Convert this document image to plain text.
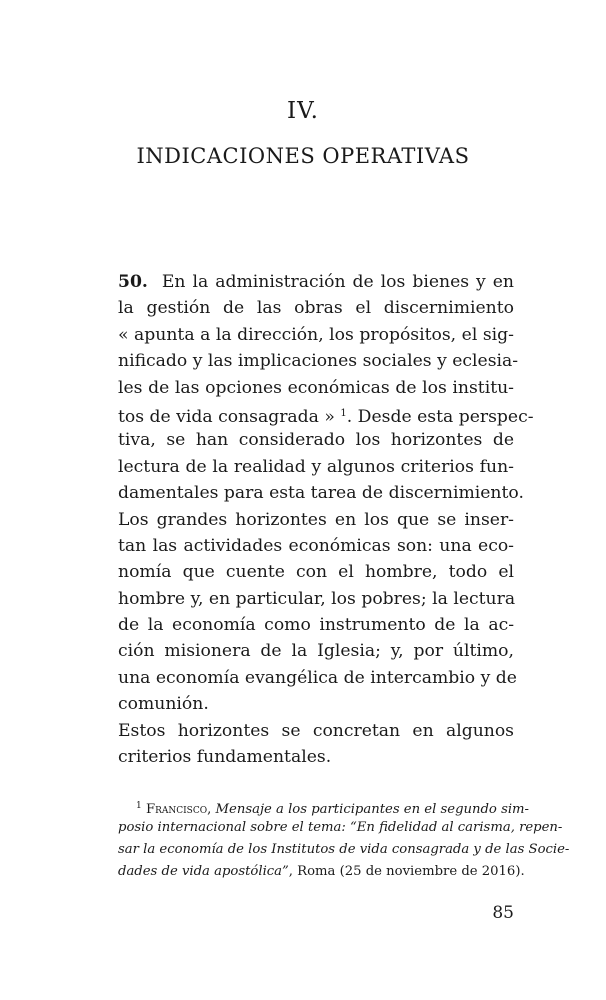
IV.
INDICACIONES OPERATIVAS
50. En la administración de los bienes y en
la gestión de las obras el discernimiento
« apunta a la dirección, los propósitos, el sig-
nificado y las implicaciones sociales y eclesia-
les de las opciones económicas de los institu-
tos de vida consagrada » $^1$. Desde esta perspec-
tiva, se han considerado los horizontes de
lectura de la realidad y algunos criterios fun-
damentales para esta tarea de discernimiento.
Los grandes horizontes en los que se inser-
tan las actividades económicas son: una eco-
nomía que cuente con el hombre, todo el
hombre y, en particular, los pobres; la lectura
de la economía como instrumento de la ac-
ción misionera de la Iglesia; y, por último,
una economía evangélica de intercambio y de
comunión.
Estos horizontes se concretan en algunos
criterios fundamentales.
$^1$ Francisco, Mensaje a los participantes en el segundo sim-
posio internacional sobre el tema: “En fidelidad al carisma, repen-
sar la economía de los Institutos de vida consagrada y de las Socie-
dades de vida apostólica”, Roma (25 de noviembre de 2016).
85
